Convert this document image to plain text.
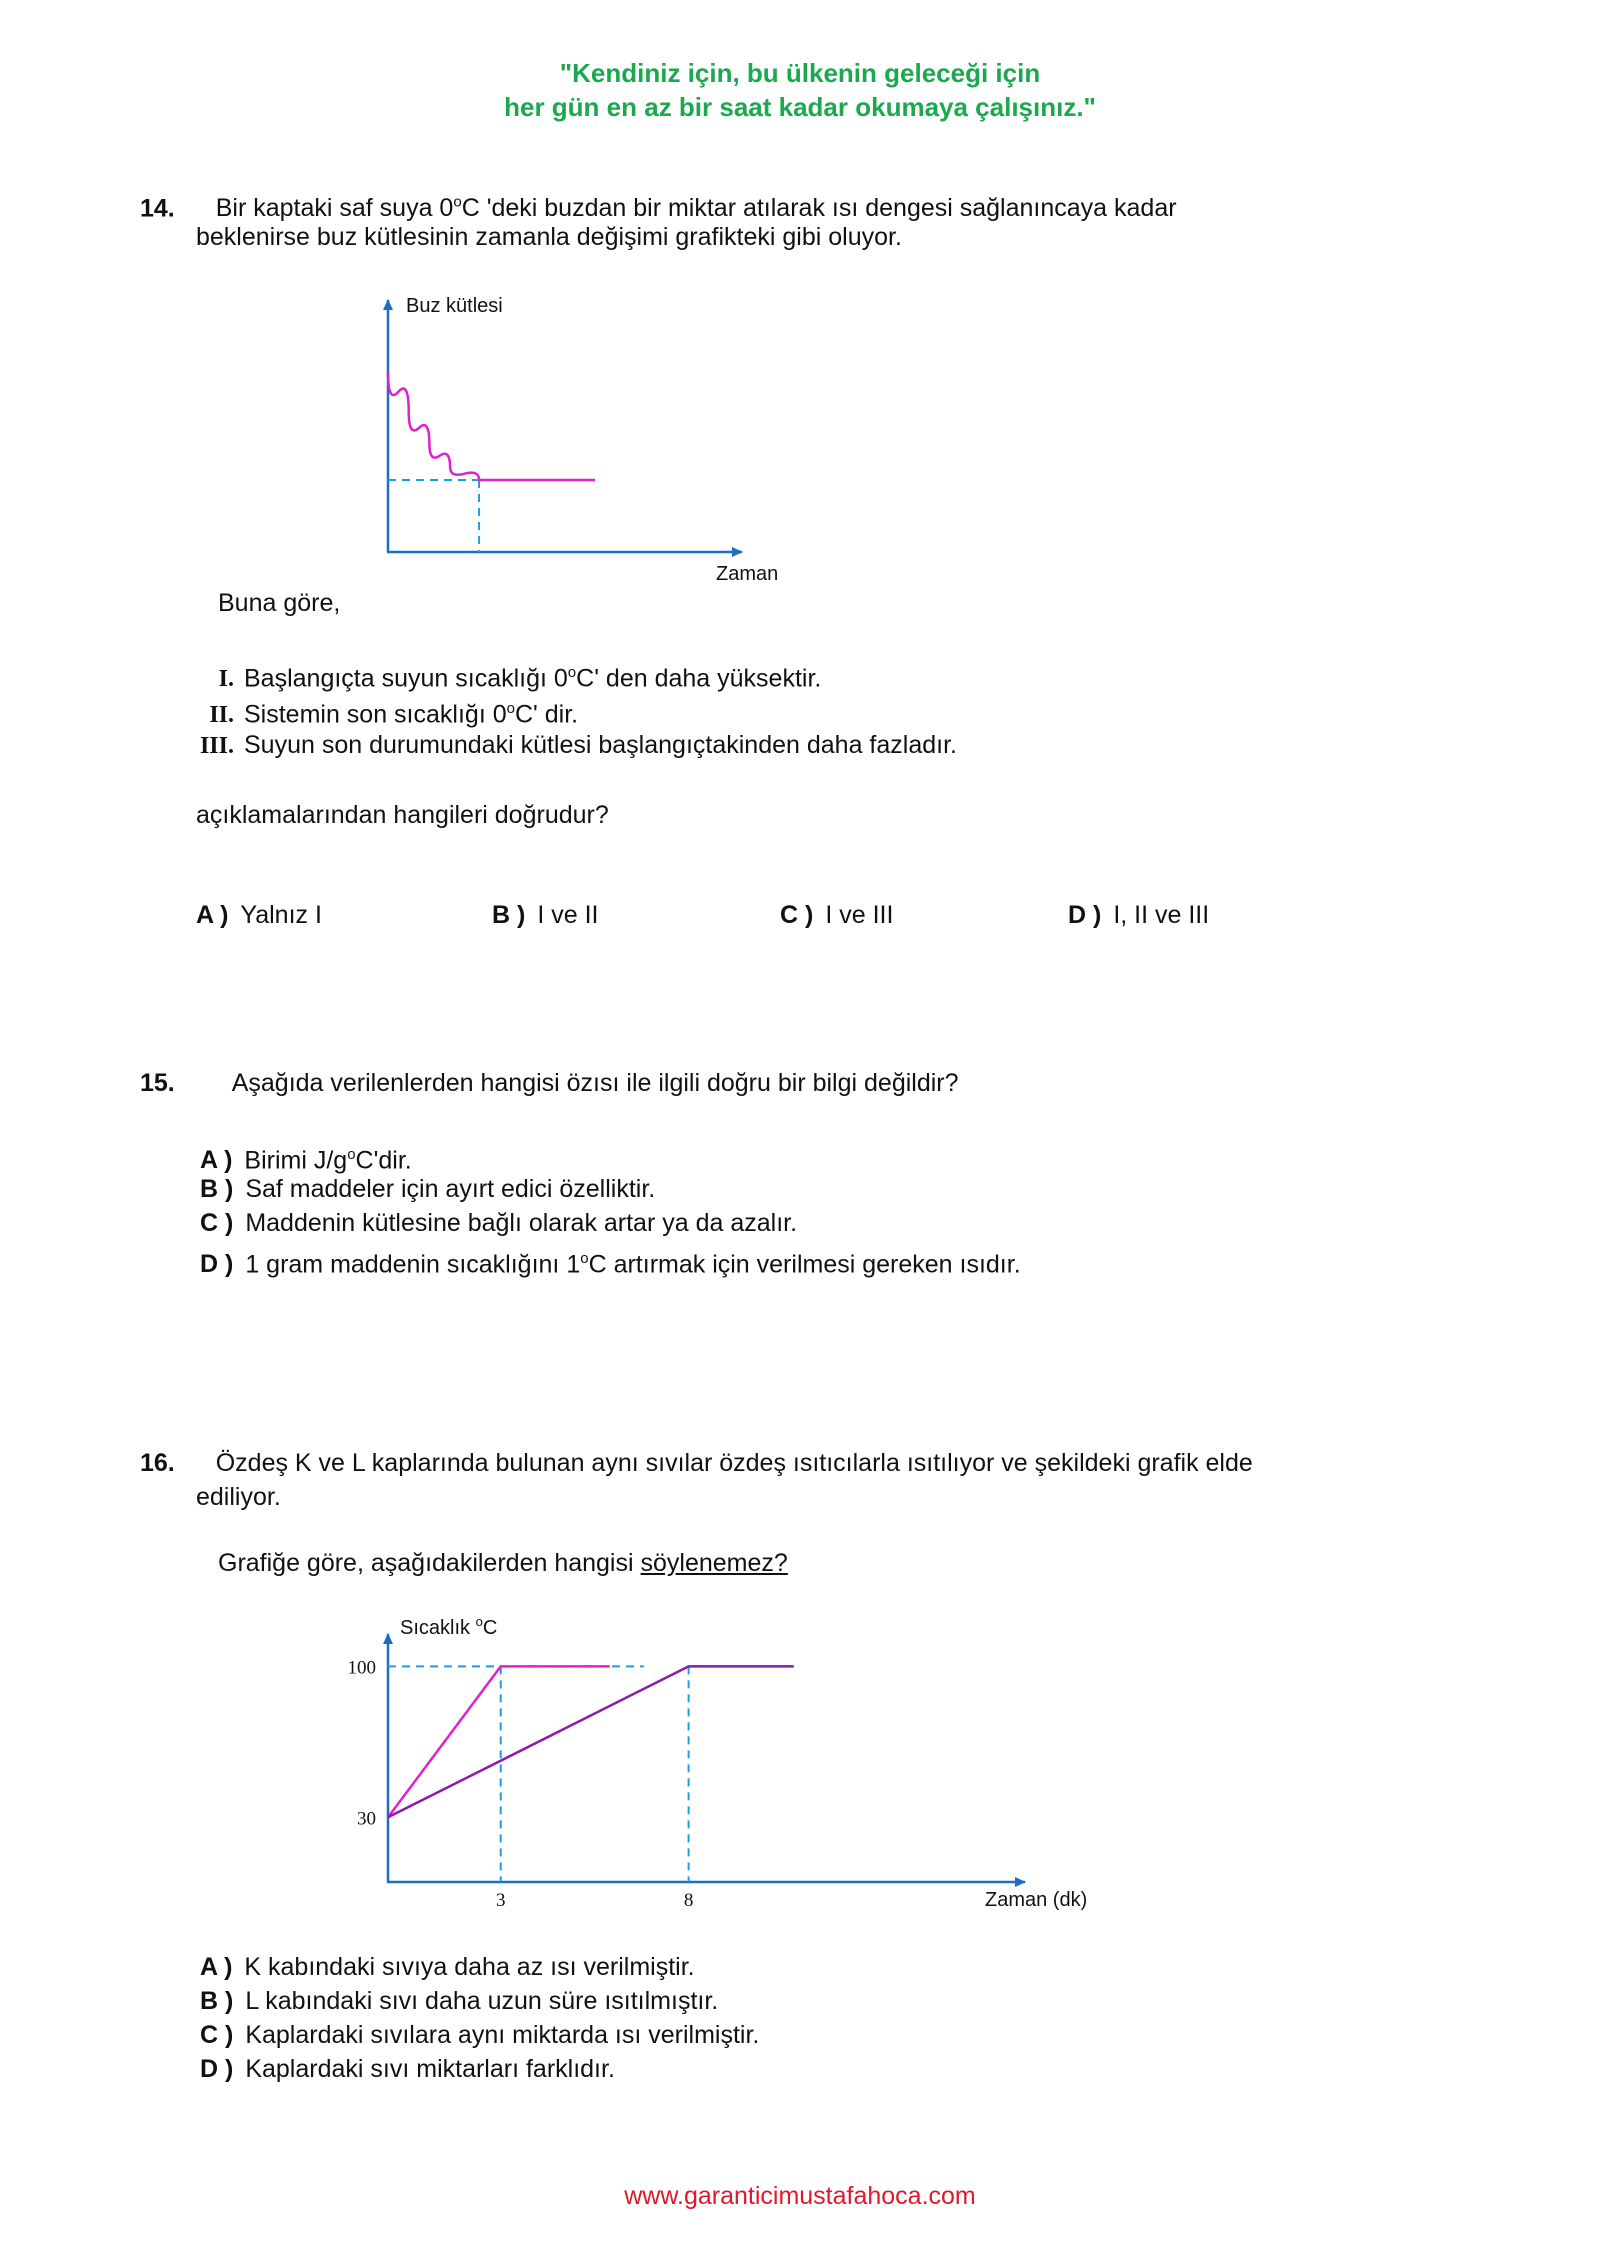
"Kendiniz için, bu ülkenin geleceği için
her gün en az bir saat kadar okumaya çalışınız."
14. Bir kaptaki saf suya 0$^o$C 'deki buzdan bir miktar atılarak ısı dengesi sağlanıncaya kadar
beklenirse buz kütlesinin zamanla değişimi grafikteki gibi oluyor.
Buz kütlesi
Zaman
Buna göre,
I. Başlangıçta suyun sıcaklığı 0$^o$C' den daha yüksektir.
II. Sistemin son sıcaklığı 0$^o$C' dir.
III. Suyun son durumundaki kütlesi başlangıçtakinden daha fazladır.
açıklamalarından hangileri doğrudur?
A ) Yalnız I	B ) I ve II	C ) I ve III	D ) I, II ve III
15. Aşağıda verilenlerden hangisi özısı ile ilgili doğru bir bilgi değildir?
A ) Birimi $J/g^oC'dir$.
B ) Saf maddeler için ayırt edici özelliktir.
C ) Maddenin kütlesine bağlı olarak artar ya da azalır.
D ) 1 gram maddenin sıcaklığını 1$^o$C artırmak için verilmesi gereken ısıdır.
16. Özdeş K ve L kaplarında bulunan aynı sıvılar özdeş ısıtıcılarla ısıtılıyor ve şekildeki grafik elde
ediliyor.
Grafiğe göre, aşağıdakilerden hangisi söylenemez?
Sıcaklık $^o$C
Zaman (dk)
100
30
3	8
A ) K kabındaki sıvıya daha az ısı verilmiştir.
B ) L kabındaki sıvı daha uzun süre ısıtılmıştır.
C ) Kaplardaki sıvılara aynı miktarda ısı verilmiştir.
D ) Kaplardaki sıvı miktarları farklıdır.
www.garanticimustafahoca.com
